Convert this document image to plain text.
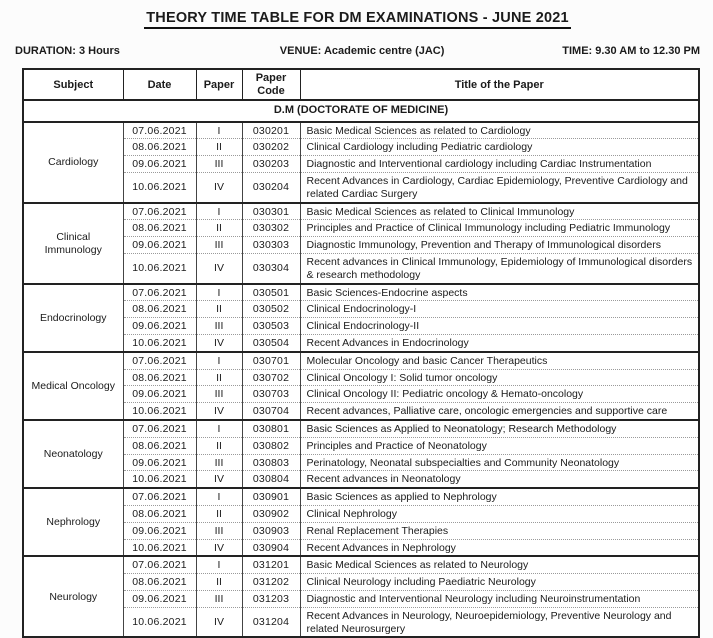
THEORY TIME TABLE FOR DM EXAMINATIONS - JUNE 2021
DURATION: 3 Hours	VENUE: Academic centre (JAC)	TIME: 9.30 AM to 12.30 PM
Subject	Date	Paper	Paper Code	Title of the Paper
D.M (DOCTORATE OF MEDICINE)				
Cardiology	07.06.2021	I	030201	Basic Medical Sciences as related to Cardiology
	08.06.2021	II	030202	Clinical Cardiology including Pediatric cardiology
	09.06.2021	III	030203	Diagnostic and Interventional cardiology including Cardiac Instrumentation
	10.06.2021	IV	030204	Recent Advances in Cardiology, Cardiac Epidemiology, Preventive Cardiology and related Cardiac Surgery
Clinical Immunology	07.06.2021	I	030301	Basic Medical Sciences as related to Clinical Immunology
	08.06.2021	II	030302	Principles and Practice of Clinical Immunology including Pediatric Immunology
	09.06.2021	III	030303	Diagnostic Immunology, Prevention and Therapy of Immunological disorders
	10.06.2021	IV	030304	Recent advances in Clinical Immunology, Epidemiology of Immunological disorders & research methodology
Endocrinology	07.06.2021	I	030501	Basic Sciences-Endocrine aspects
	08.06.2021	II	030502	Clinical Endocrinology-I
	09.06.2021	III	030503	Clinical Endocrinology-II
	10.06.2021	IV	030504	Recent Advances in Endocrinology
Medical Oncology	07.06.2021	I	030701	Molecular Oncology and basic Cancer Therapeutics
	08.06.2021	II	030702	Clinical Oncology I: Solid tumor oncology
	09.06.2021	III	030703	Clinical Oncology II: Pediatric oncology & Hemato-oncology
	10.06.2021	IV	030704	Recent advances, Palliative care, oncologic emergencies and supportive care
Neonatology	07.06.2021	I	030801	Basic Sciences as Applied to Neonatology; Research Methodology
	08.06.2021	II	030802	Principles and Practice of Neonatology
	09.06.2021	III	030803	Perinatology, Neonatal subspecialties and Community Neonatology
	10.06.2021	IV	030804	Recent advances in Neonatology
Nephrology	07.06.2021	I	030901	Basic Sciences as applied to Nephrology
	08.06.2021	II	030902	Clinical Nephrology
	09.06.2021	III	030903	Renal Replacement Therapies
	10.06.2021	IV	030904	Recent Advances in Nephrology
Neurology	07.06.2021	I	031201	Basic Medical Sciences as related to Neurology
	08.06.2021	II	031202	Clinical Neurology including Paediatric Neurology
	09.06.2021	III	031203	Diagnostic and Interventional Neurology including Neuroinstrumentation
	10.06.2021	IV	031204	Recent Advances in Neurology, Neuroepidemiology, Preventive Neurology and related Neurosurgery
